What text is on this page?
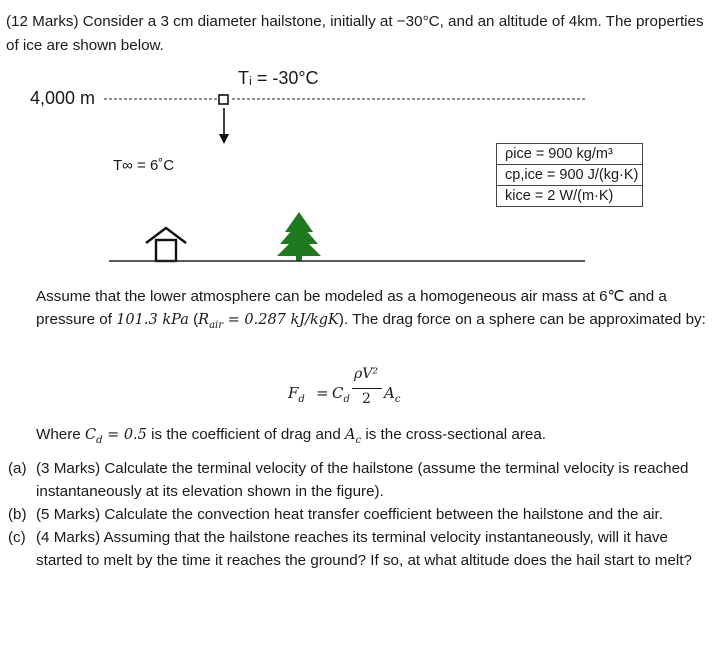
(12 Marks) Consider a 3 cm diameter hailstone, initially at −30°C, and an altitude of 4km. The properties of ice are shown below.
Tᵢ = -30°C
4,000 m
T∞ = 6˚C
ρice = 900 kg/m³
cp,ice = 900 J/(kg·K)
kice = 2 W/(m·K)
Assume that the lower atmosphere can be modeled as a homogeneous air mass at 6℃ and a pressure of 101.3 kPa ($R_{air} = 0.287$ kJ/kgK). The drag force on a sphere can be approximated by:
$F_d = C_d$
ρV²
2 $A_c$
Where $C_d = 0.5$ is the coefficient of drag and $A_c$ is the cross-sectional area.
(a) (3 Marks) Calculate the terminal velocity of the hailstone (assume the terminal velocity is reached instantaneously at its elevation shown in the figure).
(b) (5 Marks) Calculate the convection heat transfer coefficient between the hailstone and the air.
(c) (4 Marks) Assuming that the hailstone reaches its terminal velocity instantaneously, will it have started to melt by the time it reaches the ground? If so, at what altitude does the hail start to melt?
